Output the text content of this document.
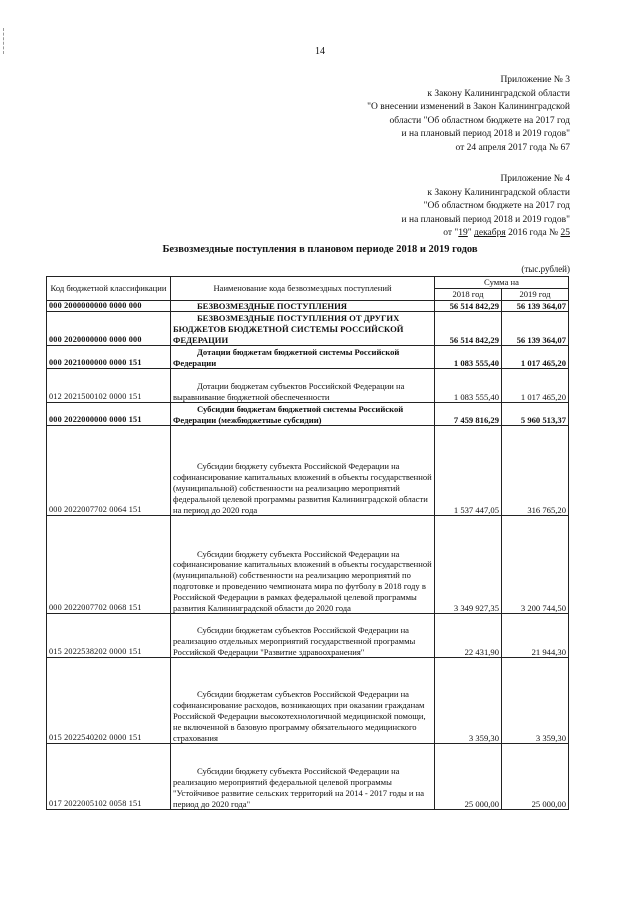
14
Приложение № 3
к Закону Калининградской области
"О внесении изменений в Закон Калининградской
области "Об областном бюджете на 2017 год
и на плановый период 2018 и 2019 годов"
от 24 апреля 2017 года № 67
Приложение № 4
к Закону Калининградской области
"Об областном бюджете на 2017 год
и на плановый период 2018 и 2019 годов"
от "19" декабря 2016 года № 25
Безвозмездные поступления в плановом периоде 2018 и 2019 годов
(тыс.рублей)
Код бюджетной классификации	Наименование кода безвозмездных поступлений	Сумма на	
		2018 год	2019 год
000 2000000000 0000 000	БЕЗВОЗМЕЗДНЫЕ ПОСТУПЛЕНИЯ	56 514 842,29	56 139 364,07
000 2020000000 0000 000	БЕЗВОЗМЕЗДНЫЕ ПОСТУПЛЕНИЯ ОТ ДРУГИХ БЮДЖЕТОВ БЮДЖЕТНОЙ СИСТЕМЫ РОССИЙСКОЙ ФЕДЕРАЦИИ	56 514 842,29	56 139 364,07
000 2021000000 0000 151	Дотации бюджетам бюджетной системы Российской Федерации	1 083 555,40	1 017 465,20
012 2021500102 0000 151	Дотации бюджетам субъектов Российской Федерации на выравнивание бюджетной обеспеченности	1 083 555,40	1 017 465,20
000 2022000000 0000 151	Субсидии бюджетам бюджетной системы Российской Федерации (межбюджетные субсидии)	7 459 816,29	5 960 513,37
000 2022007702 0064 151	Субсидии бюджету субъекта Российской Федерации на софинансирование капитальных вложений в объекты государственной (муниципальной) собственности на реализацию мероприятий федеральной целевой программы развития Калининградской области на период до 2020 года	1 537 447,05	316 765,20
000 2022007702 0068 151	Субсидии бюджету субъекта Российской Федерации на софинансирование капитальных вложений в объекты государственной (муниципальной) собственности на реализацию мероприятий по подготовке и проведению чемпионата мира по футболу в 2018 году в Российской Федерации в рамках федеральной целевой программы развития Калининградской области до 2020 года	3 349 927,35	3 200 744,50
015 2022538202 0000 151	Субсидии бюджетам субъектов Российской Федерации на реализацию отдельных мероприятий государственной программы Российской Федерации "Развитие здравоохранения"	22 431,90	21 944,30
015 2022540202 0000 151	Субсидии бюджетам субъектов Российской Федерации на софинансирование расходов, возникающих при оказании гражданам Российской Федерации высокотехнологичной медицинской помощи, не включенной в базовую программу обязательного медицинского страхования	3 359,30	3 359,30
017 2022005102 0058 151	Субсидии бюджету субъекта Российской Федерации на реализацию мероприятий федеральной целевой программы "Устойчивое развитие сельских территорий на 2014 - 2017 годы и на период до 2020 года"	25 000,00	25 000,00
